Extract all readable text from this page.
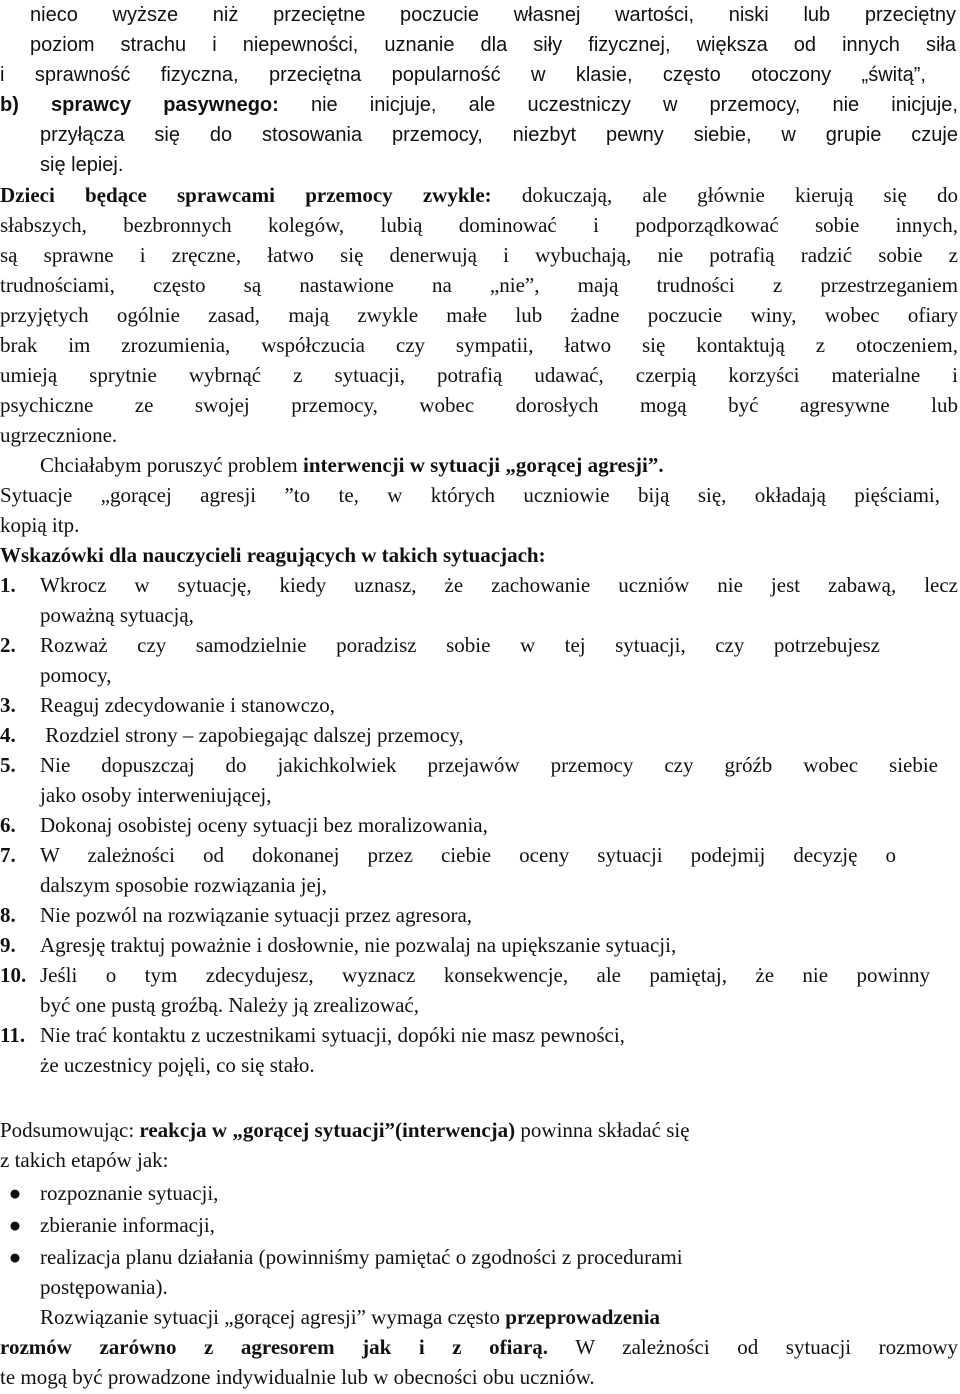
nieco wyższe niż przeciętne poczucie własnej wartości, niski lub przeciętny
poziom strachu i niepewności, uznanie dla siły fizycznej, większa od innych siła
i sprawność fizyczna, przeciętna popularność w klasie, często otoczony „świtą”,
b) sprawcy pasywnego: nie inicjuje, ale uczestniczy w przemocy, nie inicjuje,
przyłącza się do stosowania przemocy, niezbyt pewny siebie, w grupie czuje
się lepiej.
Dzieci będące sprawcami przemocy zwykle: dokuczają, ale głównie kierują się do
słabszych, bezbronnych kolegów, lubią dominować i podporządkować sobie innych,
są sprawne i zręczne, łatwo się denerwują i wybuchają, nie potrafią radzić sobie z
trudnościami, często są nastawione na „nie”, mają trudności z przestrzeganiem
przyjętych ogólnie zasad, mają zwykle małe lub żadne poczucie winy, wobec ofiary
brak im zrozumienia, współczucia czy sympatii, łatwo się kontaktują z otoczeniem,
umieją sprytnie wybrnąć z sytuacji, potrafią udawać, czerpią korzyści materialne i
psychiczne ze swojej przemocy, wobec dorosłych mogą być agresywne lub
ugrzecznione.
Chciałabym poruszyć problem interwencji w sytuacji „gorącej agresji”.
Sytuacje „gorącej agresji ”to te, w których uczniowie biją się, okładają pięściami,
kopią itp.
Wskazówki dla nauczycieli reagujących w takich sytuacjach:
1. Wkrocz w sytuację, kiedy uznasz, że zachowanie uczniów nie jest zabawą, lecz
poważną sytuacją,
2. Rozważ czy samodzielnie poradzisz sobie w tej sytuacji, czy potrzebujesz
pomocy,
3. Reaguj zdecydowanie i stanowczo,
4. Rozdziel strony – zapobiegając dalszej przemocy,
5. Nie dopuszczaj do jakichkolwiek przejawów przemocy czy gróźb wobec siebie
jako osoby interweniującej,
6. Dokonaj osobistej oceny sytuacji bez moralizowania,
7. W zależności od dokonanej przez ciebie oceny sytuacji podejmij decyzję o
dalszym sposobie rozwiązania jej,
8. Nie pozwól na rozwiązanie sytuacji przez agresora,
9. Agresję traktuj poważnie i dosłownie, nie pozwalaj na upiększanie sytuacji,
10. Jeśli o tym zdecydujesz, wyznacz konsekwencje, ale pamiętaj, że nie powinny
być one pustą groźbą. Należy ją zrealizować,
11. Nie trać kontaktu z uczestnikami sytuacji, dopóki nie masz pewności,
że uczestnicy pojęli, co się stało.
Podsumowując: reakcja w „gorącej sytuacji”(interwencja) powinna składać się
z takich etapów jak:
● rozpoznanie sytuacji,
● zbieranie informacji,
● realizacja planu działania (powinniśmy pamiętać o zgodności z procedurami
postępowania).
Rozwiązanie sytuacji „gorącej agresji” wymaga często przeprowadzenia
rozmów zarówno z agresorem jak i z ofiarą. W zależności od sytuacji rozmowy
te mogą być prowadzone indywidualnie lub w obecności obu uczniów.
